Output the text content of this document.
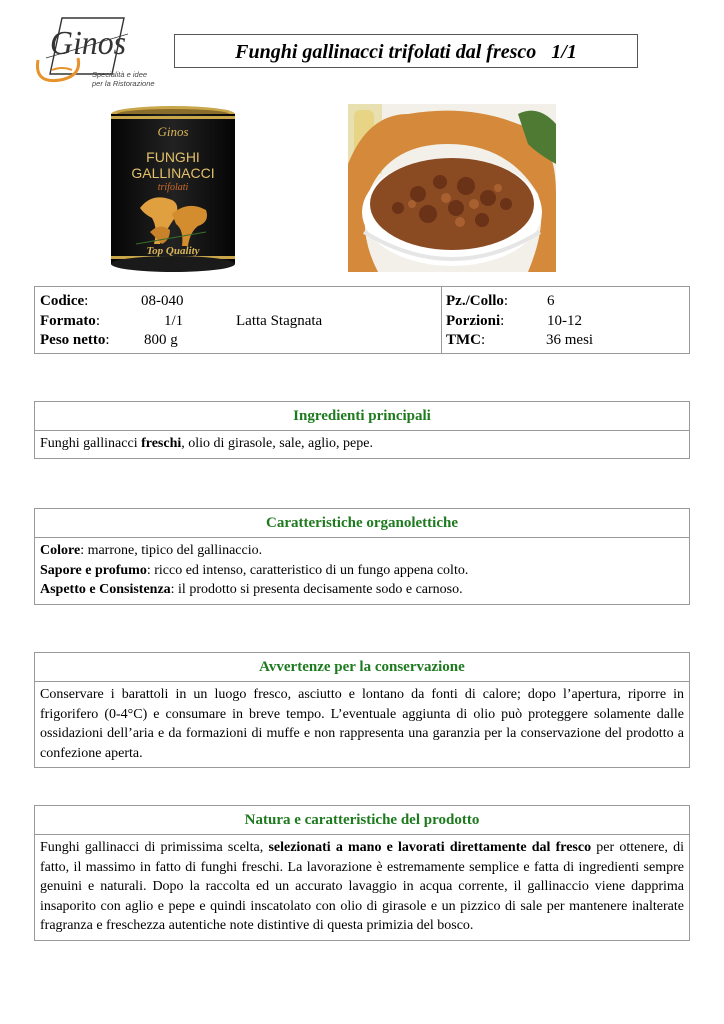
Ginos
Specialità e idee
per la Ristorazione
Funghi gallinacci trifolati dal fresco   1/1
Ginos
FUNGHI
GALLINACCI
trifolati
Top Quality
Codice:	08-040
Formato:	1/1	Latta Stagnata
Peso netto: 800 g
Pz./Collo:	6
Porzioni:	10-12
TMC:	36 mesi
Ingredienti principali
Funghi gallinacci freschi, olio di girasole, sale, aglio, pepe.
Caratteristiche organolettiche
Colore: marrone, tipico del gallinaccio.
Sapore e profumo: ricco ed intenso, caratteristico di un fungo appena colto.
Aspetto e Consistenza: il prodotto si presenta decisamente sodo e carnoso.
Avvertenze per la conservazione
Conservare i barattoli in un luogo fresco, asciutto e lontano da fonti di calore; dopo l’apertura, riporre in frigorifero (0-4°C) e consumare in breve tempo. L’eventuale aggiunta di olio può proteggere solamente dalle ossidazioni dell’aria e da formazioni di muffe e non rappresenta una garanzia per la conservazione del prodotto a confezione aperta.
Natura e caratteristiche del prodotto
Funghi gallinacci di primissima scelta, selezionati a mano e lavorati direttamente dal fresco per ottenere, di fatto, il massimo in fatto di funghi freschi. La lavorazione è estremamente semplice e fatta di ingredienti sempre genuini e naturali. Dopo la raccolta ed un accurato lavaggio in acqua corrente, il gallinaccio viene dapprima insaporito con aglio e pepe e quindi inscatolato con olio di girasole e un pizzico di sale per mantenere inalterate fragranza e freschezza autentiche note distintive di questa primizia del bosco.
